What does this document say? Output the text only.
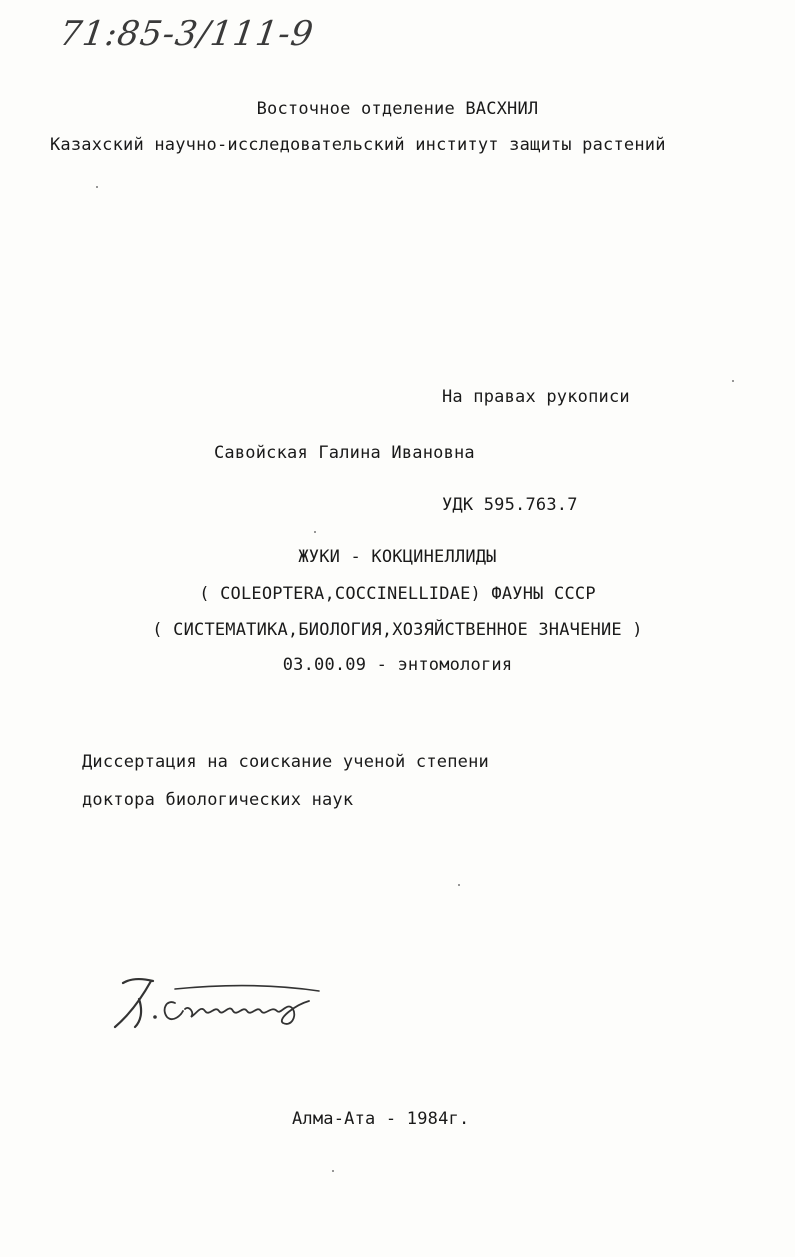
71:85-3/111-9
Восточное отделение ВАСХНИЛ
Казахский научно-исследовательский институт защиты растений
На правах рукописи
Савойская Галина Ивановна
УДК 595.763.7
ЖУКИ - КОКЦИНЕЛЛИДЫ
( COLEOPTERA,COCCINELLIDAE) ФАУНЫ СССР
( СИСТЕМАТИКА,БИОЛОГИЯ,ХОЗЯЙСТВЕННОЕ ЗНАЧЕНИЕ )
03.00.09 - энтомология
Диссертация на соискание ученой степени
доктора биологических наук
Алма-Ата - 1984г.
